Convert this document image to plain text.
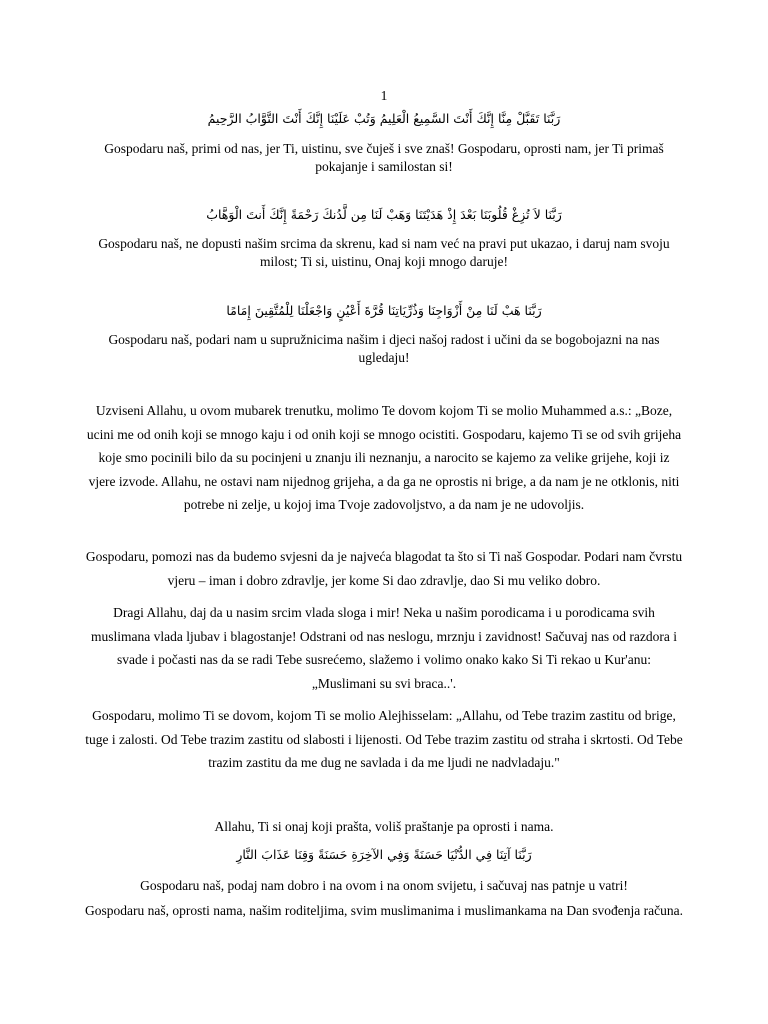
1

رَبَّنَا تَقَبَّلْ مِنَّا إِنَّكَ أَنْتَ السَّمِيعُ الْعَلِيمُ وَتُبْ عَلَيْنَا إِنَّكَ أَنْتَ التَّوَّابُ الرَّحِيمُ

Gospodaru naš, primi od nas, jer Ti, uistinu, sve čuješ i sve znaš! Gospodaru, oprosti nam, jer Ti primaš pokajanje i samilostan si!

رَبَّنَا لاَ تُزِغْ قُلُوبَنَا بَعْدَ إِذْ هَدَيْتَنَا وَهَبْ لَنَا مِن لَّدُنكَ رَحْمَةً إِنَّكَ أَنتَ الْوَهَّابُ

Gospodaru naš, ne dopusti našim srcima da skrenu, kad si nam već na pravi put ukazao, i daruj nam svoju milost; Ti si, uistinu, Onaj koji mnogo daruje!

رَبَّنَا هَبْ لَنَا مِنْ أَزْوَاجِنَا وَذُرِّيَاتِنَا قُرَّةَ أَعْيُنٍ وَاجْعَلْنَا لِلْمُتَّقِينَ إِمَامًا

Gospodaru naš, podari nam u supružnicima našim i djeci našoj radost i učini da se bogobojazni na nas ugledaju!

Uzviseni Allahu, u ovom mubarek trenutku, molimo Te dovom kojom Ti se molio Muhammed a.s.: „Boze, ucini me od onih koji se mnogo kaju i od onih koji se mnogo ocistiti. Gospodaru, kajemo Ti se od svih grijeha koje smo pocinili bilo da su pocinjeni u znanju ili neznanju, a narocito se kajemo za velike grijehe, koji iz vjere izvode. Allahu, ne ostavi nam nijednog grijeha, a da ga ne oprostis ni brige, a da nam je ne otklonis, niti potrebe ni zelje, u kojoj ima Tvoje zadovoljstvo, a da nam je ne udovoljis.

Gospodaru, pomozi nas da budemo svjesni da je najveća blagodat ta što si Ti naš Gospodar. Podari nam čvrstu vjeru – iman i dobro zdravlje, jer kome Si dao zdravlje, dao Si mu veliko dobro.

Dragi Allahu, daj da u nasim srcim vlada sloga i mir! Neka u našim porodicama i u porodicama svih muslimana vlada ljubav i blagostanje! Odstrani od nas neslogu, mrznju i zavidnost! Sačuvaj nas od razdora i svade i počasti nas da se radi Tebe susrećemo, slažemo i volimo onako kako Si Ti rekao u Kur'anu: „Muslimani su svi braca..'.

Gospodaru, molimo Ti se dovom, kojom Ti se molio Alejhisselam: „Allahu, od Tebe trazim zastitu od brige, tuge i zalosti. Od Tebe trazim zastitu od slabosti i lijenosti. Od Tebe trazim zastitu od straha i skrtosti. Od Tebe trazim zastitu da me dug ne savlada i da me ljudi ne nadvladaju."

Allahu, Ti si onaj koji prašta, voliš praštanje pa oprosti i nama.

رَبَّنَا آتِنَا فِي الدُّنْيَا حَسَنَةً وَفِي الآخِرَةِ حَسَنَةً وَقِنَا عَذَابَ النَّارِ

Gospodaru naš, podaj nam dobro i na ovom i na onom svijetu, i sačuvaj nas patnje u vatri!

Gospodaru naš, oprosti nama, našim roditeljima, svim muslimanima i muslimankama na Dan svođenja računa.
